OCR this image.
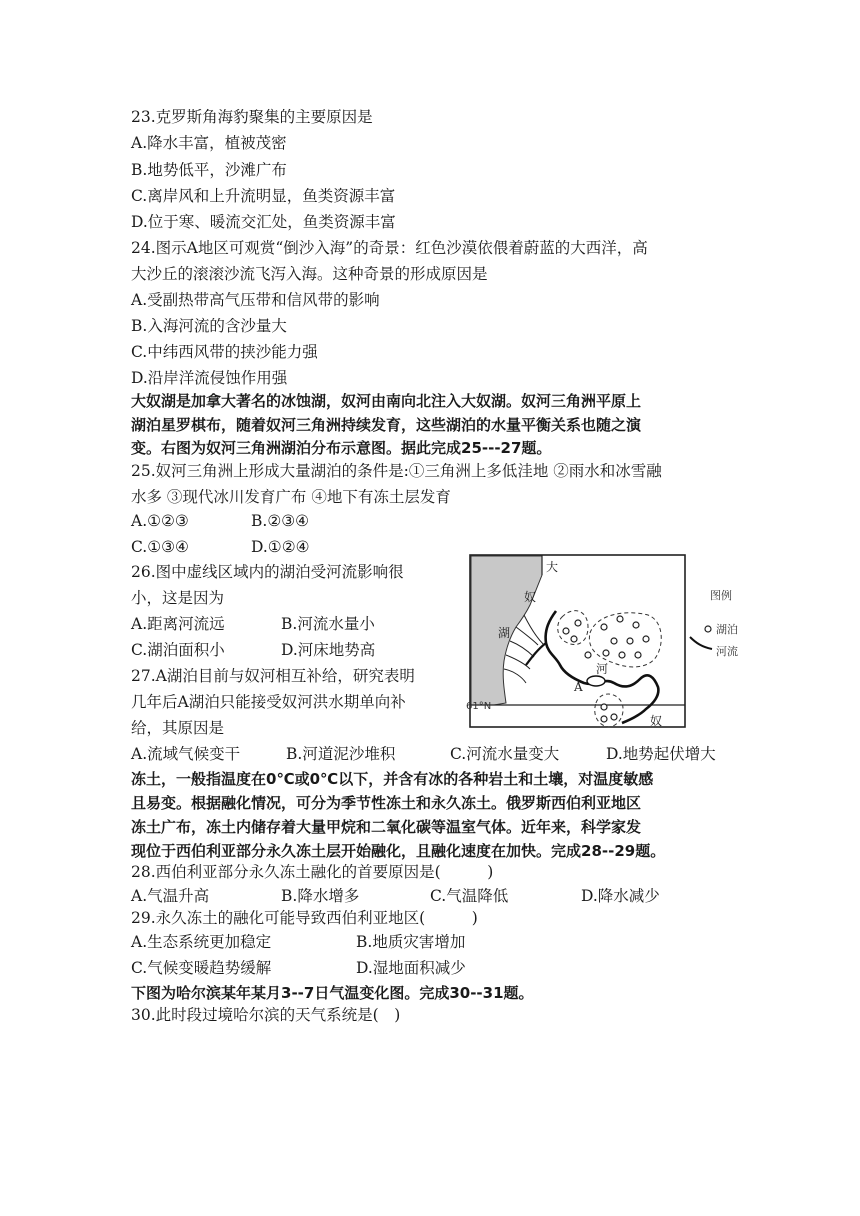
23.克罗斯角海豹聚集的主要原因是
A.降水丰富，植被茂密
B.地势低平，沙滩广布
C.离岸风和上升流明显，鱼类资源丰富
D.位于寒、暖流交汇处，鱼类资源丰富
24.图示A地区可观赏“倒沙入海”的奇景：红色沙漠依偎着蔚蓝的大西洋，高
大沙丘的滚滚沙流飞泻入海。这种奇景的形成原因是
A.受副热带高气压带和信风带的影响
B.入海河流的含沙量大
C.中纬西风带的挟沙能力强
D.沿岸洋流侵蚀作用强
大奴湖是加拿大著名的冰蚀湖，奴河由南向北注入大奴湖。奴河三角洲平原上
湖泊星罗棋布，随着奴河三角洲持续发育，这些湖泊的水量平衡关系也随之演
变。右图为奴河三角洲湖泊分布示意图。据此完成25---27题。
25.奴河三角洲上形成大量湖泊的条件是:①三角洲上多低洼地 ②雨水和冰雪融
水多 ③现代冰川发育广布 ④地下有冻土层发育
A.①②③	B.②③④
C.①③④	D.①②④
26.图中虚线区域内的湖泊受河流影响很
小，这是因为
A.距离河流远	B.河流水量小
C.湖泊面积小	D.河床地势高
27.A湖泊目前与奴河相互补给，研究表明
几年后A湖泊只能接受奴河洪水期单向补
给，其原因是
A.流域气候变干	B.河道泥沙堆积	C.河流水量变大	D.地势起伏增大
冻土，一般指温度在0℃或0℃以下，并含有冰的各种岩土和土壤，对温度敏感
且易变。根据融化情况，可分为季节性冻土和永久冻土。俄罗斯西伯利亚地区
冻土广布，冻土内储存着大量甲烷和二氧化碳等温室气体。近年来，科学家发
现位于西伯利亚部分永久冻土层开始融化，且融化速度在加快。完成28--29题。
28.西伯利亚部分永久冻土融化的首要原因是(　　　)
A.气温升高	B.降水增多	C.气温降低	D.降水减少
29.永久冻土的融化可能导致西伯利亚地区(　　　)
A.生态系统更加稳定	B.地质灾害增加
C.气候变暖趋势缓解	D.湿地面积减少
下图为哈尔滨某年某月3--7日气温变化图。完成30--31题。
30.此时段过境哈尔滨的天气系统是(　)
大
奴
湖
河
奴
A
61°N
图例
湖泊
河流
